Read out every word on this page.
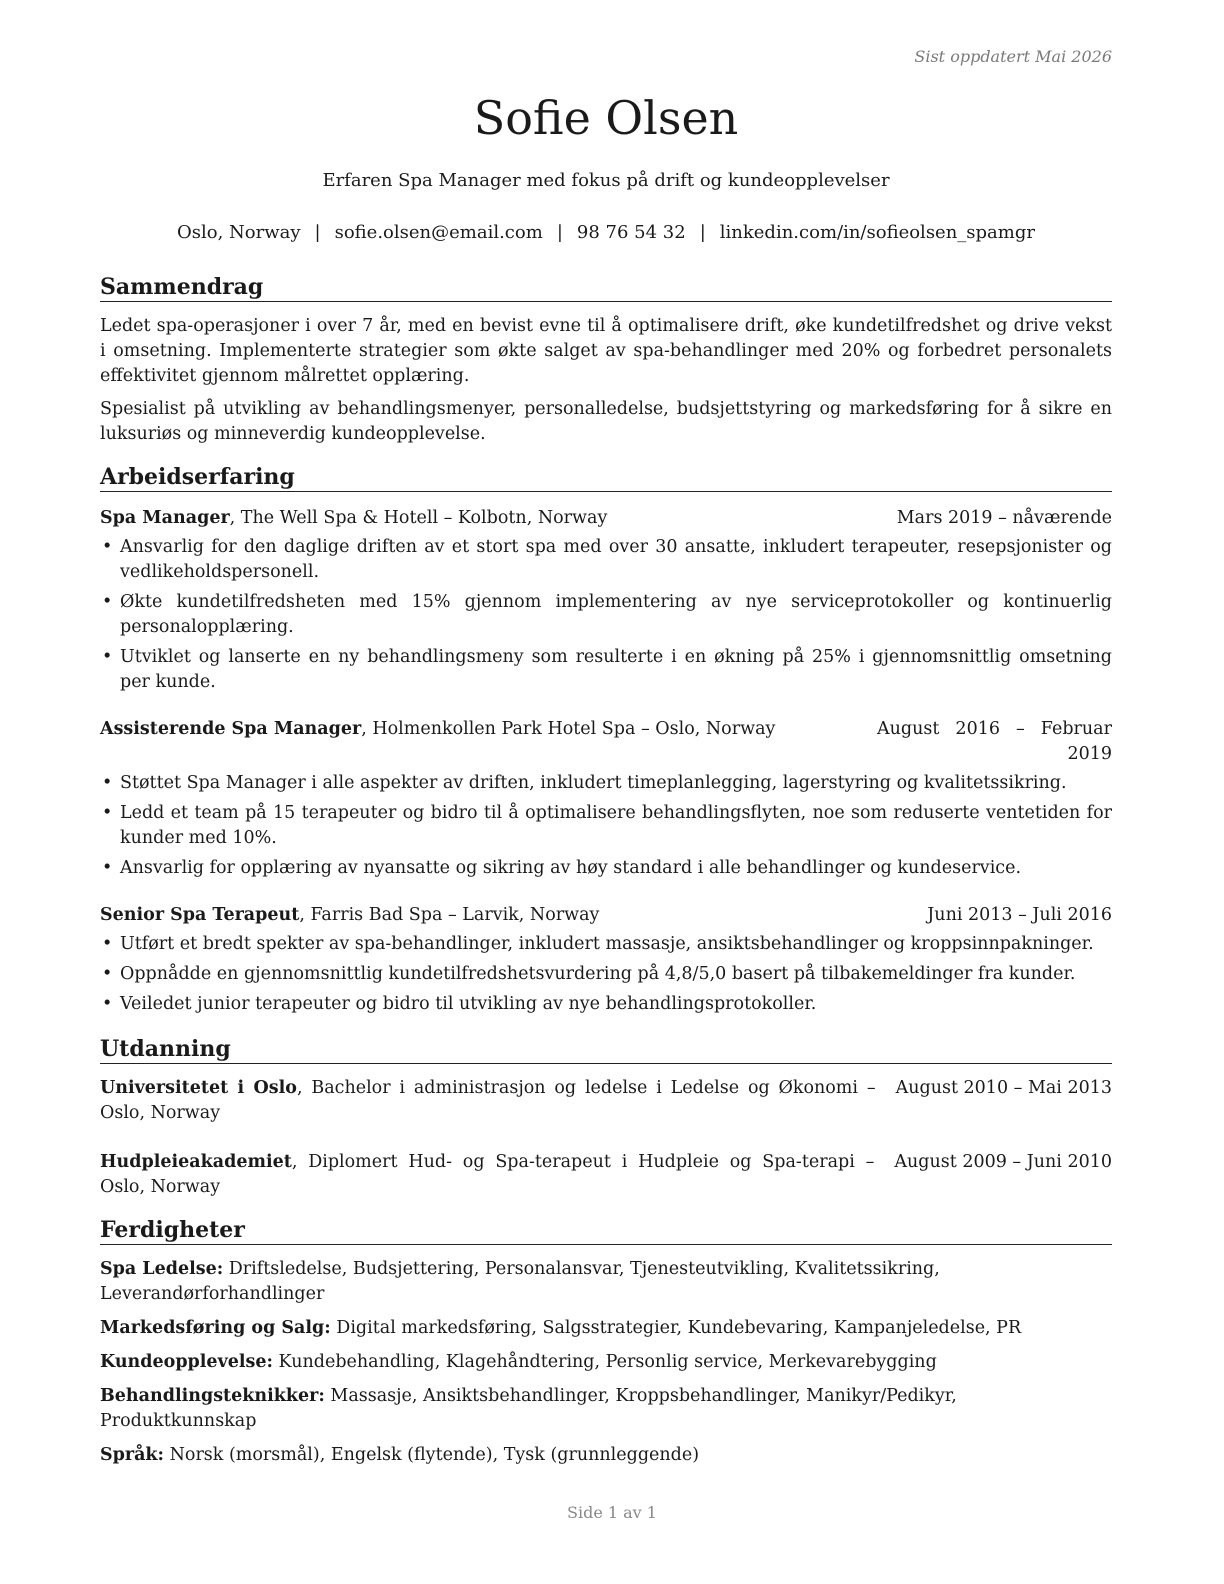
Sist oppdatert Mai 2026
Sofie Olsen
Erfaren Spa Manager med fokus på drift og kundeopplevelser
Oslo, Norway | sofie.olsen@email.com | 98 76 54 32 | linkedin.com/in/sofieolsen_spamgr
Sammendrag

Ledet spa-operasjoner i over 7 år, med en bevist evne til å optimalisere drift, øke kundetilfredshet og drive vekst i omsetning. Implementerte strategier som økte salget av spa-behandlinger med 20% og forbedret personalets effektivitet gjennom målrettet opplæring.

Spesialist på utvikling av behandlingsmenyer, personalledelse, budsjettstyring og markedsføring for å sikre en luksuriøs og minneverdig kundeopplevelse.

Arbeidserfaring
Spa Manager, The Well Spa & Hotell – Kolbotn, Norway	Mars 2019 – nåværende
• Ansvarlig for den daglige driften av et stort spa med over 30 ansatte, inkludert terapeuter, resepsjonister og vedlikeholdspersonell.
• Økte kundetilfredsheten med 15% gjennom implementering av nye serviceprotokoller og kontinuerlig personalopplæring.
• Utviklet og lanserte en ny behandlingsmeny som resulterte i en økning på 25% i gjennomsnittlig omsetning per kunde.
Assisterende Spa Manager, Holmenkollen Park Hotel Spa – Oslo, Norway	August 2016 – Februar 2019
• Støttet Spa Manager i alle aspekter av driften, inkludert timeplanlegging, lagerstyring og kvalitetssikring.
• Ledd et team på 15 terapeuter og bidro til å optimalisere behandlingsflyten, noe som reduserte ventetiden for kunder med 10%.
• Ansvarlig for opplæring av nyansatte og sikring av høy standard i alle behandlinger og kundeservice.
Senior Spa Terapeut, Farris Bad Spa – Larvik, Norway	Juni 2013 – Juli 2016
• Utført et bredt spekter av spa-behandlinger, inkludert massasje, ansiktsbehandlinger og kroppsinnpakninger.
• Oppnådde en gjennomsnittlig kundetilfredshetsvurdering på 4,8/5,0 basert på tilbakemeldinger fra kunder.
• Veiledet junior terapeuter og bidro til utvikling av nye behandlingsprotokoller.
Utdanning
Universitetet i Oslo, Bachelor i administrasjon og ledelse i Ledelse og Økonomi – Oslo, Norway
August 2010 – Mai 2013
Hudpleieakademiet, Diplomert Hud- og Spa-terapeut i Hudpleie og Spa-terapi – Oslo, Norway
August 2009 – Juni 2010
Ferdigheter
Spa Ledelse: Driftsledelse, Budsjettering, Personalansvar, Tjenesteutvikling, Kvalitetssikring, Leverandørforhandlinger
Markedsføring og Salg: Digital markedsføring, Salgsstrategier, Kundebevaring, Kampanjeledelse, PR
Kundeopplevelse: Kundebehandling, Klagehåndtering, Personlig service, Merkevarebygging
Behandlingsteknikker: Massasje, Ansiktsbehandlinger, Kroppsbehandlinger, Manikyr/Pedikyr, Produktkunnskap
Språk: Norsk (morsmål), Engelsk (flytende), Tysk (grunnleggende)
Side 1 av 1
